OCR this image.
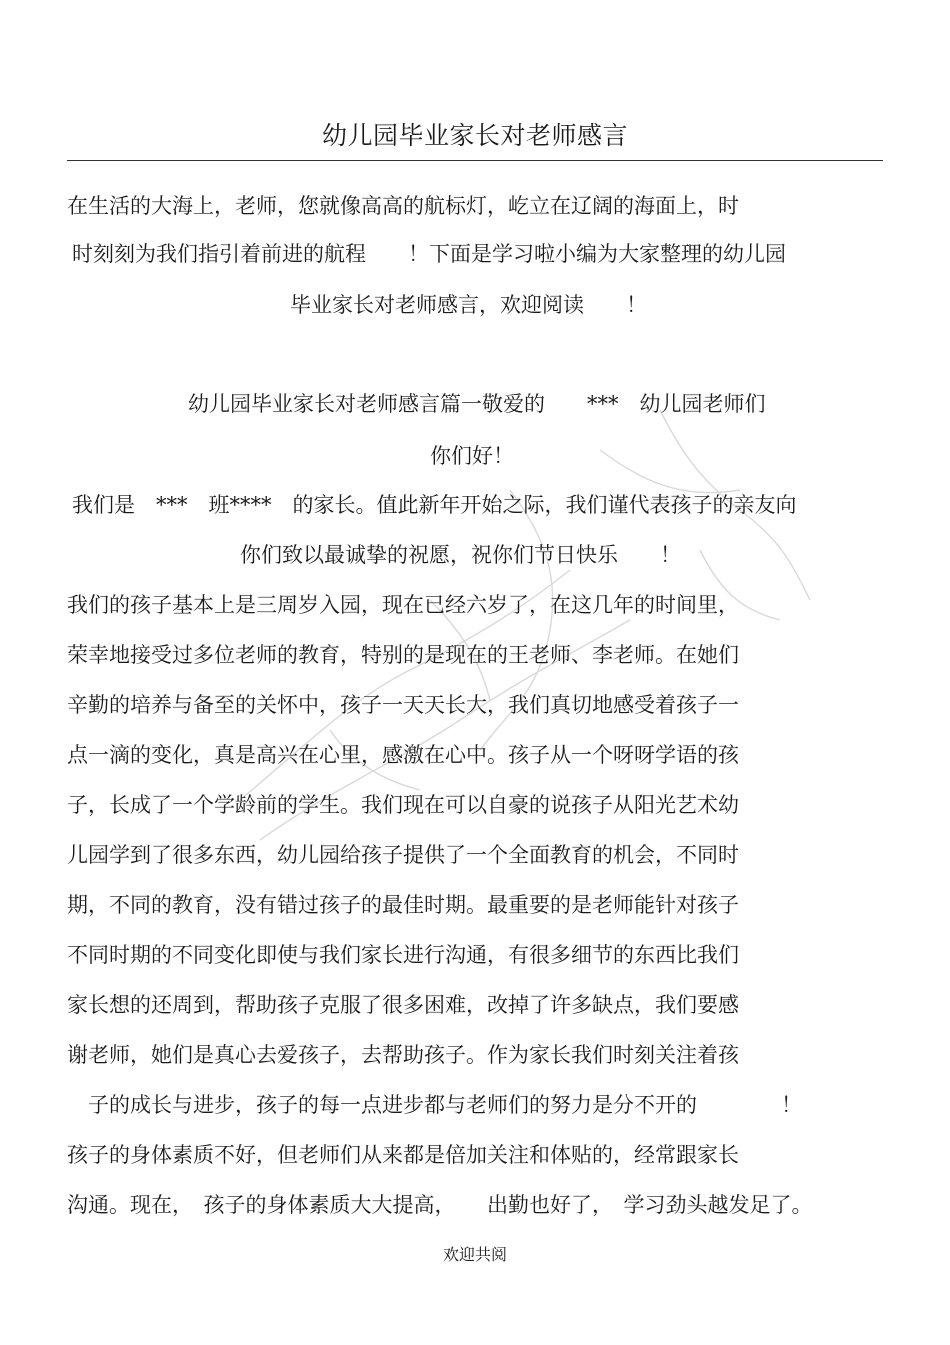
幼儿园毕业家长对老师感言

在生活的大海上，老师，您就像高高的航标灯，屹立在辽阔的海面上，时

时刻刻为我们指引着前进的航程　　！下面是学习啦小编为大家整理的幼儿园

毕业家长对老师感言，欢迎阅读　　！

幼儿园毕业家长对老师感言篇一敬爱的　　***　幼儿园老师们

你们好！

我们是　***　班****　的家长。值此新年开始之际，我们谨代表孩子的亲友向

你们致以最诚挚的祝愿，祝你们节日快乐　　！

我们的孩子基本上是三周岁入园，现在已经六岁了，在这几年的时间里，

荣幸地接受过多位老师的教育，特别的是现在的王老师、李老师。在她们

辛勤的培养与备至的关怀中，孩子一天天长大，我们真切地感受着孩子一

点一滴的变化，真是高兴在心里，感激在心中。孩子从一个呀呀学语的孩

子，长成了一个学龄前的学生。我们现在可以自豪的说孩子从阳光艺术幼

儿园学到了很多东西，幼儿园给孩子提供了一个全面教育的机会，不同时

期，不同的教育，没有错过孩子的最佳时期。最重要的是老师能针对孩子

不同时期的不同变化即使与我们家长进行沟通，有很多细节的东西比我们

家长想的还周到，帮助孩子克服了很多困难，改掉了许多缺点，我们要感

谢老师，她们是真心去爱孩子，去帮助孩子。作为家长我们时刻关注着孩

　子的成长与进步，孩子的每一点进步都与老师们的努力是分不开的　　　　！

孩子的身体素质不好，但老师们从来都是倍加关注和体贴的，经常跟家长

沟通。现在，　孩子的身体素质大大提高，　　出勤也好了，　学习劲头越发足了。

欢迎共阅
